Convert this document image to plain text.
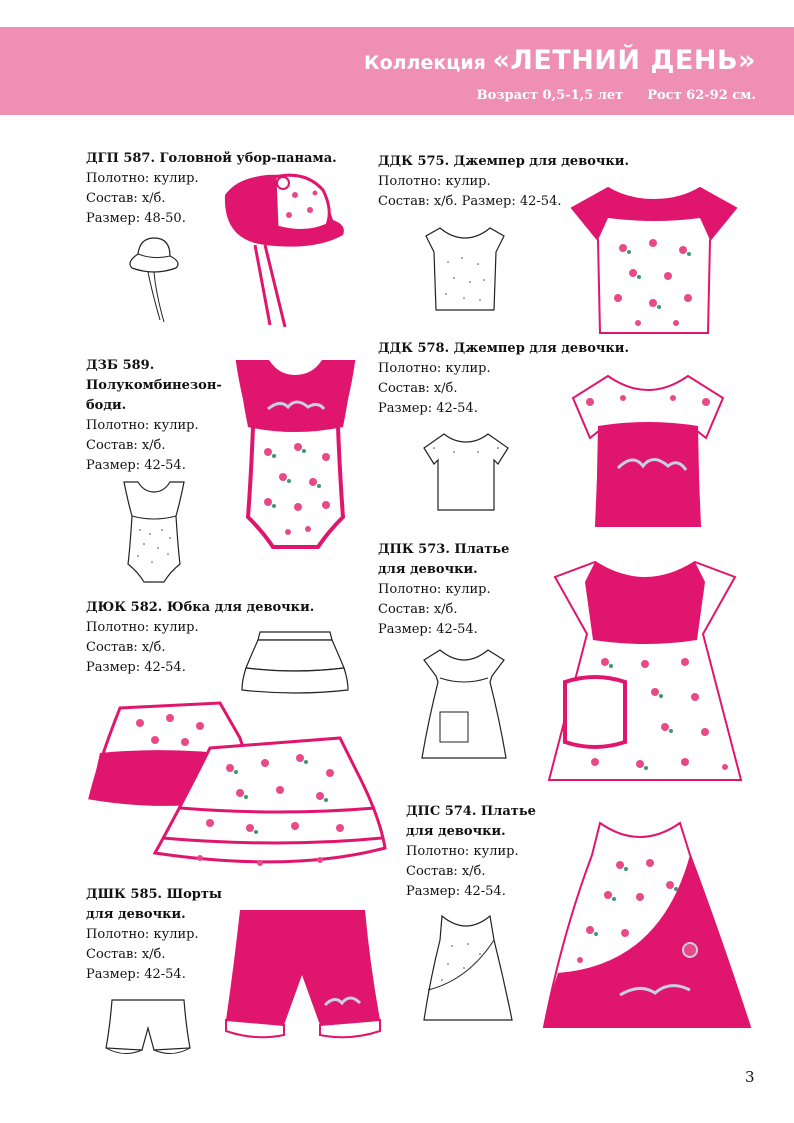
Коллекция «ЛЕТНИЙ ДЕНЬ»
Возраст 0,5-1,5 лет Рост 62-92 см.
ДГП 587. Головной убор-панама.
Полотно: кулир.
Состав: х/б.
Размер: 48-50.
ДЗБ 589.
Полукомбинезон-
боди.
Полотно: кулир.
Состав: х/б.
Размер: 42-54.
ДЮК 582. Юбка для девочки.
Полотно: кулир.
Состав: х/б.
Размер: 42-54.
ДШК 585. Шорты
для девочки.
Полотно: кулир.
Состав: х/б.
Размер: 42-54.
ДДК 575. Джемпер для девочки.
Полотно: кулир.
Состав: х/б. Размер: 42-54.
ДДК 578. Джемпер для девочки.
Полотно: кулир.
Состав: х/б.
Размер: 42-54.
ДПК 573. Платье
для девочки.
Полотно: кулир.
Состав: х/б.
Размер: 42-54.
ДПС 574. Платье
для девочки.
Полотно: кулир.
Состав: х/б.
Размер: 42-54.
3
